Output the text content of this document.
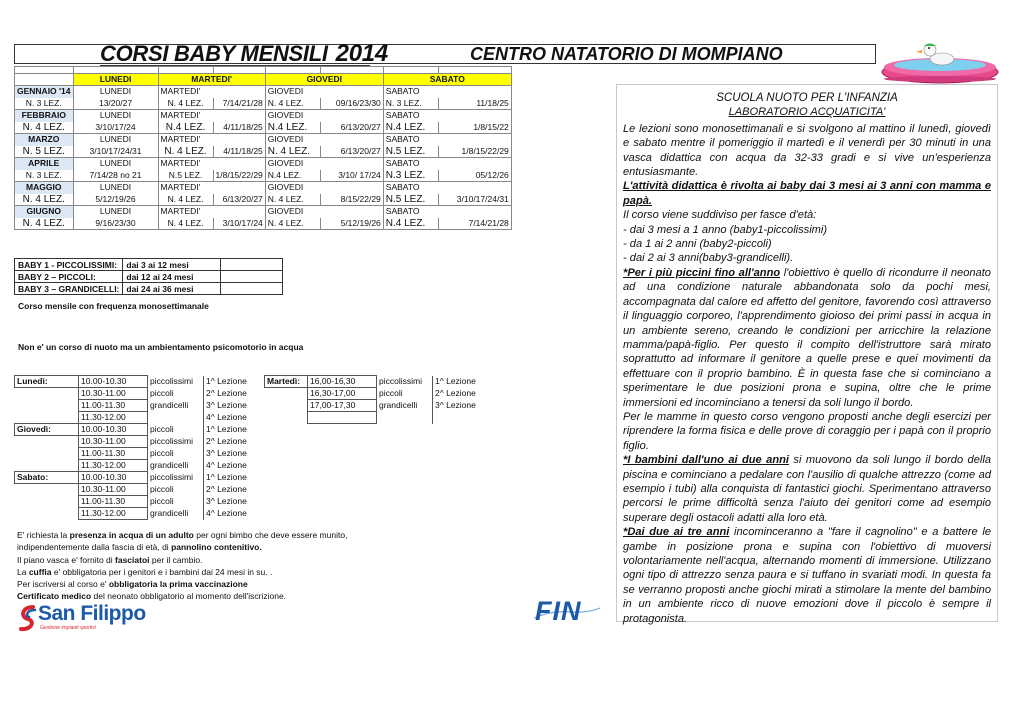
CORSI BABY MENSILI 2014	CENTRO NATATORIO DI MOMPIANO

	LUNEDI	MARTEDI'		GIOVEDI		SABATO	
GENNAIO '14	LUNEDI	MARTEDI'		GIOVEDI		SABATO	
N. 3 LEZ.	13/20/27	N. 4 LEZ.	7/14/21/28	N. 4 LEZ.	09/16/23/30	N. 3 LEZ.	11/18/25
FEBBRAIO	LUNEDI	MARTEDI'		GIOVEDI		SABATO	
N. 4 LEZ.	3/10/17/24	N.4 LEZ.	4/11/18/25	N.4 LEZ.	6/13/20/27	N.4 LEZ.	1/8/15/22
MARZO	LUNEDI	MARTEDI'		GIOVEDI		SABATO	
N. 5 LEZ.	3/10/17/24/31	N. 4 LEZ.	4/11/18/25	N. 4 LEZ.	6/13/20/27	N.5 LEZ.	1/8/15/22/29
APRILE	LUNEDI	MARTEDI'		GIOVEDI		SABATO	
N. 3 LEZ.	7/14/28 no 21	N.5 LEZ.	1/8/15/22/29	N.4 LEZ.	3/10/ 17/24	N.3 LEZ.	05/12/26
MAGGIO	LUNEDI	MARTEDI'		GIOVEDI		SABATO	
N. 4 LEZ.	5/12/19/26	N. 4 LEZ.	6/13/20/27	N. 4 LEZ.	8/15/22/29	N.5 LEZ.	3/10/17/24/31
GIUGNO	LUNEDI	MARTEDI'		GIOVEDI		SABATO	
N. 4 LEZ.	9/16/23/30	N. 4 LEZ.	3/10/17/24	N. 4 LEZ.	5/12/19/26	N.4 LEZ.	7/14/21/28
BABY 1 - PICCOLISSIMI:	dai 3 ai 12 mesi	
BABY 2 – PICCOLI:	dai 12 ai 24 mesi	
BABY 3 – GRANDICELLI:	dai 24 ai 36 mesi	
Corso mensile con frequenza monosettimanale
Non e' un corso di nuoto ma un ambientamento psicomotorio in acqua
Lunedì:	10.00-10.30	piccolissimi	1^ Lezione
	10.30-11.00	piccoli	2^ Lezione
	11.00-11.30	grandicelli	3^ Lezione
	11.30-12.00		4^ Lezione
Giovedì:	10.00-10.30	piccoli	1^ Lezione
	10.30-11.00	piccolissimi	2^ Lezione
	11.00-11.30	piccoli	3^ Lezione
	11.30-12.00	grandicelli	4^ Lezione
Sabato:	10.00-10.30	piccolissimi	1^ Lezione
	10.30-11.00	piccoli	2^ Lezione
	11.00-11.30	piccoli	3^ Lezione
	11.30-12.00	grandicelli	4^ Lezione
Martedì:	16,00-16,30	piccolissimi	1^ Lezione
	16,30-17,00	piccoli	2^ Lezione
	17,00-17,30	grandicelli	3^ Lezione

E' richiesta la presenza in acqua di un adulto per ogni bimbo che deve essere munito,
indipendentemente dalla fascia di età, di pannolino contenitivo.
Il piano vasca e' fornito di fasciatoi per il cambio.
La cuffia e' obbligatoria per i genitori e i bambini dai 24 mesi in su. .
Per iscriversi al corso e' obbligatoria la prima vaccinazione
Certificato medico del neonato obbligatorio al momento dell'iscrizione.
San Filippo
Gestione impianti sportivi
FIN
SCUOLA NUOTO PER L'INFANZIA
LABORATORIO ACQUATICITA'

Le lezioni sono monosettimanali e si svolgono al mattino il lunedì, giovedì e sabato mentre il pomeriggio il martedì e il venerdì per 30 minuti in una vasca didattica con acqua da 32-33 gradi e si vive un'esperienza entusiasmante.

L'attività didattica è rivolta ai baby dai 3 mesi ai 3 anni con mamma e papà.

Il corso viene suddiviso per fasce d'età:

- dai 3 mesi a 1 anno (baby1-piccolissimi)

- da 1 ai 2 anni (baby2-piccoli)

- dai 2 ai 3 anni(baby3-grandicelli).

*Per i più piccini fino all'anno l'obiettivo è quello di ricondurre il neonato ad una condizione naturale abbandonata solo da pochi mesi, accompagnata dal calore ed affetto del genitore, favorendo così attraverso il linguaggio corporeo, l'apprendimento gioioso dei primi passi in acqua in un ambiente sereno, creando le condizioni per arricchire la relazione mamma/papà-figlio. Per questo il compito dell'istruttore sarà mirato soprattutto ad informare il genitore a quelle prese e quei movimenti da effettuare con il proprio bambino. È in questa fase che si cominciano a sperimentare le due posizioni prona e supina, oltre che le prime immersioni ed incominciano a tenersi da soli lungo il bordo.

Per le mamme in questo corso vengono proposti anche degli esercizi per riprendere la forma fisica e delle prove di coraggio per i papà con il proprio figlio.

*I bambini dall'uno ai due anni si muovono da soli lungo il bordo della piscina e cominciano a pedalare con l'ausilio di qualche attrezzo (come ad esempio i tubi) alla conquista di fantastici giochi. Sperimentano attraverso percorsi le prime difficoltà senza l'aiuto dei genitori come ad esempio superare degli ostacoli adatti alla loro età.

*Dai due ai tre anni incominceranno a "fare il cagnolino" e a battere le gambe in posizione prona e supina con l'obiettivo di muoversi volontariamente nell'acqua, alternando momenti di immersione. Utilizzano ogni tipo di attrezzo senza paura e si tuffano in svariati modi. In questa fa se verranno proposti anche giochi mirati a stimolare la mente del bambino in un ambiente ricco di nuove emozioni dove il piccolo è sempre il protagonista.
